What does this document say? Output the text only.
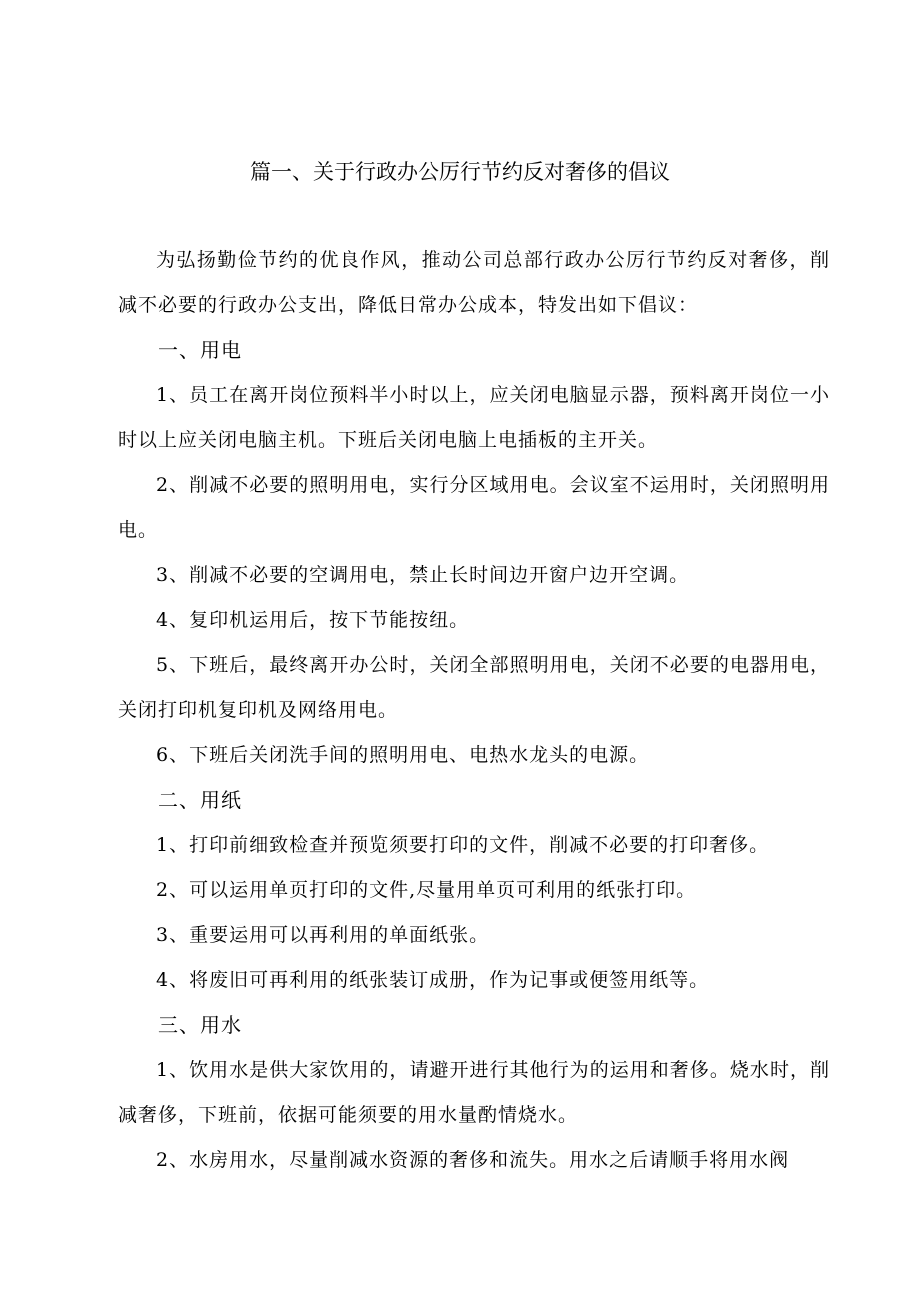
篇一、关于行政办公厉行节约反对奢侈的倡议

为弘扬勤俭节约的优良作风，推动公司总部行政办公厉行节约反对奢侈，削减不必要的行政办公支出，降低日常办公成本，特发出如下倡议：

一、用电

1、员工在离开岗位预料半小时以上，应关闭电脑显示器，预料离开岗位一小时以上应关闭电脑主机。下班后关闭电脑上电插板的主开关。

2、削减不必要的照明用电，实行分区域用电。会议室不运用时，关闭照明用电。

3、削减不必要的空调用电，禁止长时间边开窗户边开空调。

4、复印机运用后，按下节能按纽。

5、下班后，最终离开办公时，关闭全部照明用电，关闭不必要的电器用电，关闭打印机复印机及网络用电。

6、下班后关闭洗手间的照明用电、电热水龙头的电源。

二、用纸

1、打印前细致检查并预览须要打印的文件，削减不必要的打印奢侈。

2、可以运用单页打印的文件,尽量用单页可利用的纸张打印。

3、重要运用可以再利用的单面纸张。

4、将废旧可再利用的纸张装订成册，作为记事或便签用纸等。

三、用水

1、饮用水是供大家饮用的，请避开进行其他行为的运用和奢侈。烧水时，削减奢侈，下班前，依据可能须要的用水量酌情烧水。

2、水房用水，尽量削减水资源的奢侈和流失。用水之后请顺手将用水阀
